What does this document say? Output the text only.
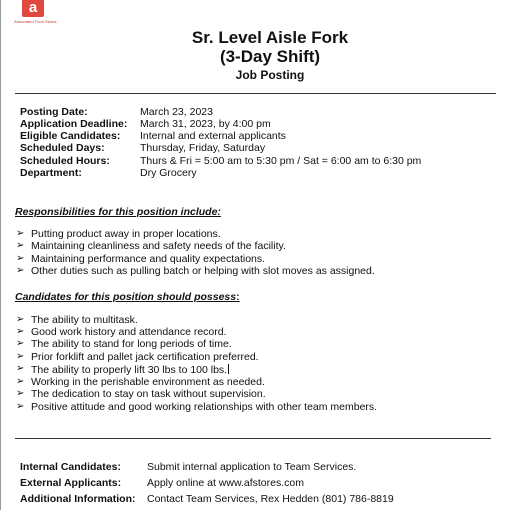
a
Associated Food Stores
Sr. Level Aisle Fork
(3-Day Shift)
Job Posting
Posting Date:	March 23, 2023
Application Deadline: March 31, 2023, by 4:00 pm
Eligible Candidates: Internal and external applicants
Scheduled Days:	Thursday, Friday, Saturday
Scheduled Hours:	Thurs & Fri = 5:00 am to 5:30 pm / Sat = 6:00 am to 6:30 pm
Department:	Dry Grocery
Responsibilities for this position include:
➢ Putting product away in proper locations.
➢ Maintaining cleanliness and safety needs of the facility.
➢ Maintaining performance and quality expectations.
➢ Other duties such as pulling batch or helping with slot moves as assigned.
Candidates for this position should possess:
➢ The ability to multitask.
➢ Good work history and attendance record.
➢ The ability to stand for long periods of time.
➢ Prior forklift and pallet jack certification preferred.
➢ The ability to properly lift 30 lbs to 100 lbs.
➢ Working in the perishable environment as needed.
➢ The dedication to stay on task without supervision.
➢ Positive attitude and good working relationships with other team members.
Internal Candidates: Submit internal application to Team Services.
External Applicants: Apply online at www.afstores.com
Additional Information: Contact Team Services, Rex Hedden (801) 786-8819
